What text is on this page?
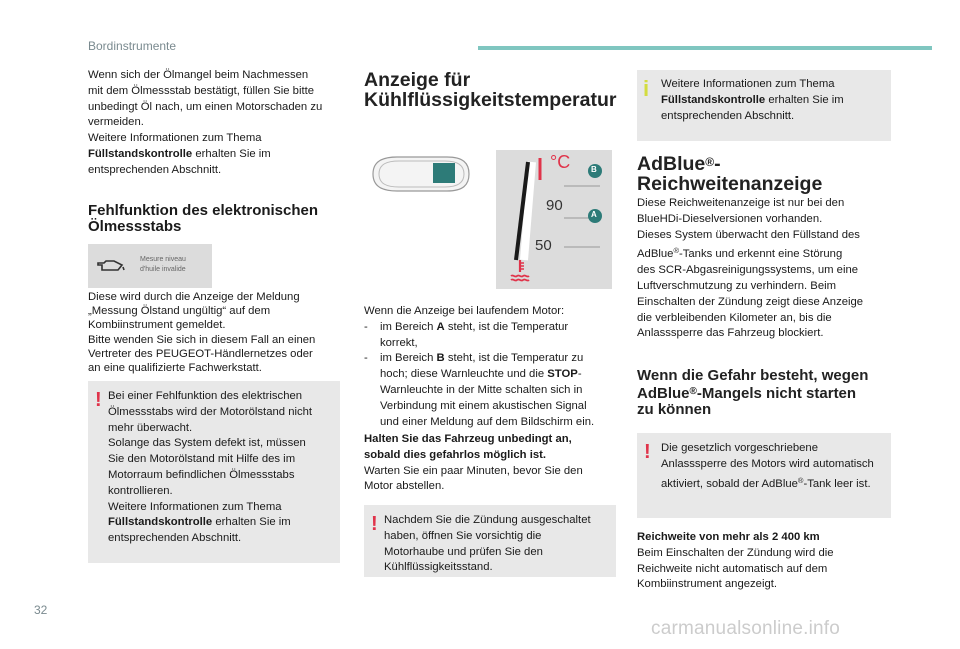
Bordinstrumente
Wenn sich der Ölmangel beim Nachmessen
mit dem Ölmessstab bestätigt, füllen Sie bitte
unbedingt Öl nach, um einen Motorschaden zu
vermeiden.
Weitere Informationen zum Thema
Füllstandskontrolle erhalten Sie im
entsprechenden Abschnitt.
Fehlfunktion des elektronischen
Ölmessstabs
Mesure niveau
d'huile invalide
Diese wird durch die Anzeige der Meldung
„Messung Ölstand ungültig“ auf dem
Kombiinstrument gemeldet.
Bitte wenden Sie sich in diesem Fall an einen
Vertreter des PEUGEOT-Händlernetzes oder
an eine qualifizierte Fachwerkstatt.
! Bei einer Fehlfunktion des elektrischen
Ölmessstabs wird der Motorölstand nicht
mehr überwacht.
Solange das System defekt ist, müssen
Sie den Motorölstand mit Hilfe des im
Motorraum befindlichen Ölmessstabs
kontrollieren.
Weitere Informationen zum Thema
Füllstandskontrolle erhalten Sie im
entsprechenden Abschnitt.
Anzeige für
Kühlflüssigkeitstemperatur
°C	B
A
90
50
Wenn die Anzeige bei laufendem Motor:
- im Bereich A steht, ist die Temperatur
korrekt,
- im Bereich B steht, ist die Temperatur zu
hoch; diese Warnleuchte und die STOP-
Warnleuchte in der Mitte schalten sich in
Verbindung mit einem akustischen Signal
und einer Meldung auf dem Bildschirm ein.
Halten Sie das Fahrzeug unbedingt an,
sobald dies gefahrlos möglich ist.
Warten Sie ein paar Minuten, bevor Sie den
Motor abstellen.
! Nachdem Sie die Zündung ausgeschaltet
haben, öffnen Sie vorsichtig die
Motorhaube und prüfen Sie den
Kühlflüssigkeitsstand.
i Weitere Informationen zum Thema
Füllstandskontrolle erhalten Sie im
entsprechenden Abschnitt.
AdBlue®-
Reichweitenanzeige
Diese Reichweitenanzeige ist nur bei den
BlueHDi-Dieselversionen vorhanden.
Dieses System überwacht den Füllstand des
AdBlue®-Tanks und erkennt eine Störung
des SCR-Abgasreinigungssystems, um eine
Luftverschmutzung zu verhindern. Beim
Einschalten der Zündung zeigt diese Anzeige
die verbleibenden Kilometer an, bis die
Anlasssperre das Fahrzeug blockiert.
Wenn die Gefahr besteht, wegen
AdBlue®-Mangels nicht starten
zu können
! Die gesetzlich vorgeschriebene
Anlasssperre des Motors wird automatisch
aktiviert, sobald der AdBlue®-Tank leer ist.
Reichweite von mehr als 2 400 km
Beim Einschalten der Zündung wird die
Reichweite nicht automatisch auf dem
Kombiinstrument angezeigt.
32
carmanualsonline.info
